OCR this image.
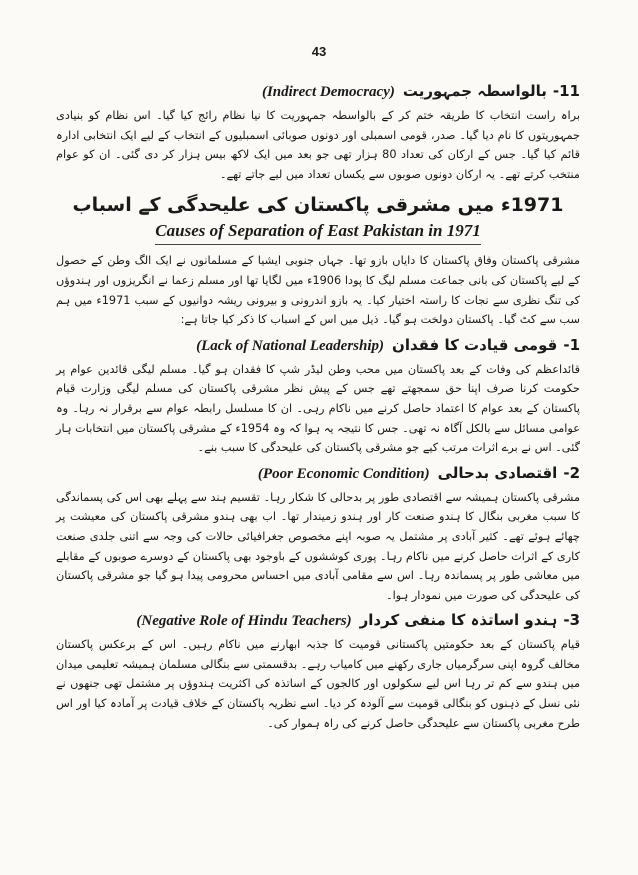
43
11-
بالواسطہ جمہوریت
(Indirect Democracy)

براہ راست انتخاب کا طریقہ ختم کر کے بالواسطہ جمہوریت کا نیا نظام رائج کیا گیا۔ اس نظام کو بنیادی جمہوریتوں کا نام دیا گیا۔ صدر، قومی اسمبلی اور دونوں صوبائی اسمبلیوں کے انتخاب کے لیے ایک انتخابی ادارہ قائم کیا گیا۔ جس کے ارکان کی تعداد 80 ہزار تھی جو بعد میں ایک لاکھ بیس ہزار کر دی گئی۔ ان کو عوام منتخب کرتے تھے۔ یہ ارکان دونوں صوبوں سے یکساں تعداد میں لیے جاتے تھے۔

1971ء میں مشرقی پاکستان کی علیحدگی کے اسباب
Causes of Separation of East Pakistan in 1971

مشرقی پاکستان وفاق پاکستان کا دایاں بازو تھا۔ جہاں جنوبی ایشیا کے مسلمانوں نے ایک الگ وطن کے حصول کے لیے پاکستان کی بانی جماعت مسلم لیگ کا پودا 1906ء میں لگایا تھا اور مسلم زعما نے انگریزوں اور ہندوؤں کی تنگ نظری سے نجات کا راستہ اختیار کیا۔ یہ بازو اندرونی و بیرونی ریشہ دوانیوں کے سبب 1971ء میں ہم سب سے کٹ گیا۔ پاکستان دولخت ہو گیا۔ ذیل میں اس کے اسباب کا ذکر کیا جاتا ہے:

1-
قومی قیادت کا فقدان
(Lack of National Leadership)

قائداعظم کی وفات کے بعد پاکستان میں محب وطن لیڈر شپ کا فقدان ہو گیا۔ مسلم لیگی قائدین عوام پر حکومت کرنا صرف اپنا حق سمجھتے تھے جس کے پیش نظر مشرقی پاکستان کی مسلم لیگی وزارت قیام پاکستان کے بعد عوام کا اعتماد حاصل کرنے میں ناکام رہی۔ ان کا مسلسل رابطہ عوام سے برقرار نہ رہا۔ وہ عوامی مسائل سے بالکل آگاہ نہ تھی۔ جس کا نتیجہ یہ ہوا کہ وہ 1954ء کے مشرقی پاکستان میں انتخابات ہار گئی۔ اس نے برے اثرات مرتب کیے جو مشرقی پاکستان کی علیحدگی کا سبب بنے۔

2-
اقتصادی بدحالی
(Poor Economic Condition)

مشرقی پاکستان ہمیشہ سے اقتصادی طور پر بدحالی کا شکار رہا۔ تقسیم ہند سے پہلے بھی اس کی پسماندگی کا سبب مغربی بنگال کا ہندو صنعت کار اور ہندو زمیندار تھا۔ اب بھی ہندو مشرقی پاکستان کی معیشت پر چھائے ہوئے تھے۔ کثیر آبادی پر مشتمل یہ صوبہ اپنے مخصوص جغرافیائی حالات کی وجہ سے اتنی جلدی صنعت کاری کے اثرات حاصل کرنے میں ناکام رہا۔ پوری کوششوں کے باوجود بھی پاکستان کے دوسرے صوبوں کے مقابلے میں معاشی طور پر پسماندہ رہا۔ اس سے مقامی آبادی میں احساس محرومی پیدا ہو گیا جو مشرقی پاکستان کی علیحدگی کی صورت میں نمودار ہوا۔

3-
ہندو اساتذہ کا منفی کردار
(Negative Role of Hindu Teachers)

قیام پاکستان کے بعد حکومتیں پاکستانی قومیت کا جذبہ ابھارنے میں ناکام رہیں۔ اس کے برعکس پاکستان مخالف گروہ اپنی سرگرمیاں جاری رکھنے میں کامیاب رہے۔ بدقسمتی سے بنگالی مسلمان ہمیشہ تعلیمی میدان میں ہندو سے کم تر رہا اس لیے سکولوں اور کالجوں کے اساتذہ کی اکثریت ہندوؤں پر مشتمل تھی جنھوں نے نئی نسل کے ذہنوں کو بنگالی قومیت سے آلودہ کر دیا۔ اسے نظریہ پاکستان کے خلاف قیادت پر آمادہ کیا اور اس طرح مغربی پاکستان سے علیحدگی حاصل کرنے کی راہ ہموار کی۔
